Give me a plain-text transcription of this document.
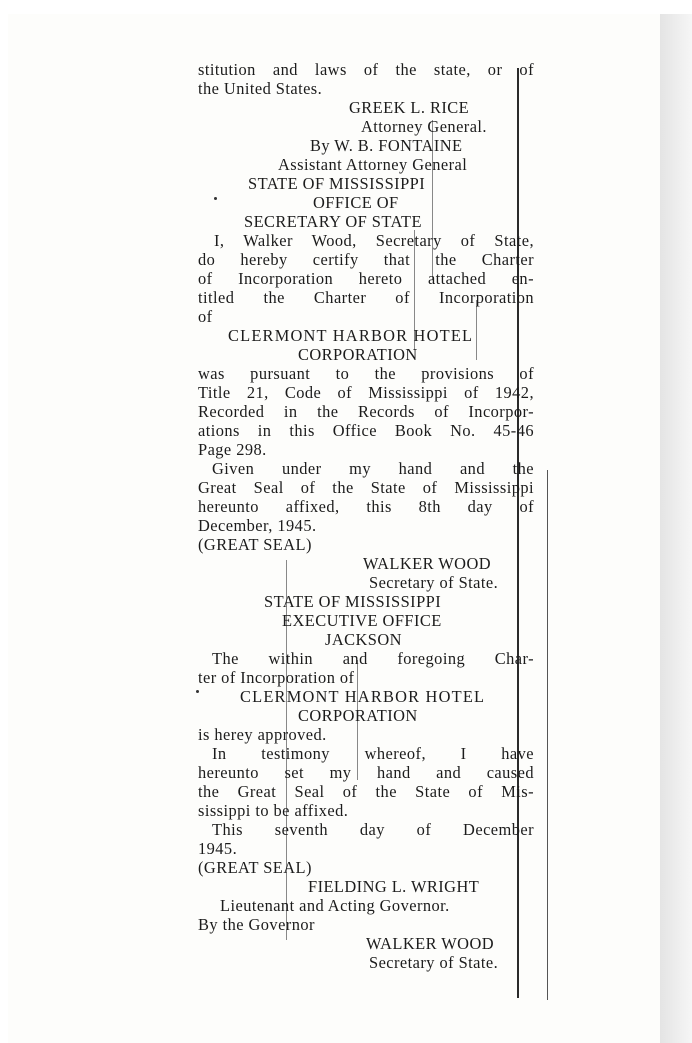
stitution and laws of the state, or of
the United States.
GREEK L. RICE
Attorney General.
By W. B. FONTAINE
Assistant Attorney General
STATE OF MISSISSIPPI
OFFICE OF
SECRETARY OF STATE
I, Walker Wood, Secretary of State,
do hereby certify that the Charter
of Incorporation hereto attached en-
titled the Charter of Incorporation
of
CLERMONT HARBOR HOTEL
CORPORATION
was pursuant to the provisions of
Title 21, Code of Mississippi of 1942,
Recorded in the Records of Incorpor-
ations in this Office Book No. 45-46
Page 298.
Given under my hand and the
Great Seal of the State of Mississippi
hereunto affixed, this 8th day of
December, 1945.
(GREAT SEAL)
WALKER WOOD
Secretary of State.
STATE OF MISSISSIPPI
EXECUTIVE OFFICE
JACKSON
The within and foregoing Char-
ter of Incorporation of
CLERMONT HARBOR HOTEL
CORPORATION
is herey approved.
In testimony whereof, I have
hereunto set my hand and caused
the Great Seal of the State of Mis-
sissippi to be affixed.
This seventh day of December
1945.
(GREAT SEAL)
FIELDING L. WRIGHT
Lieutenant and Acting Governor.
By the Governor
WALKER WOOD
Secretary of State.
